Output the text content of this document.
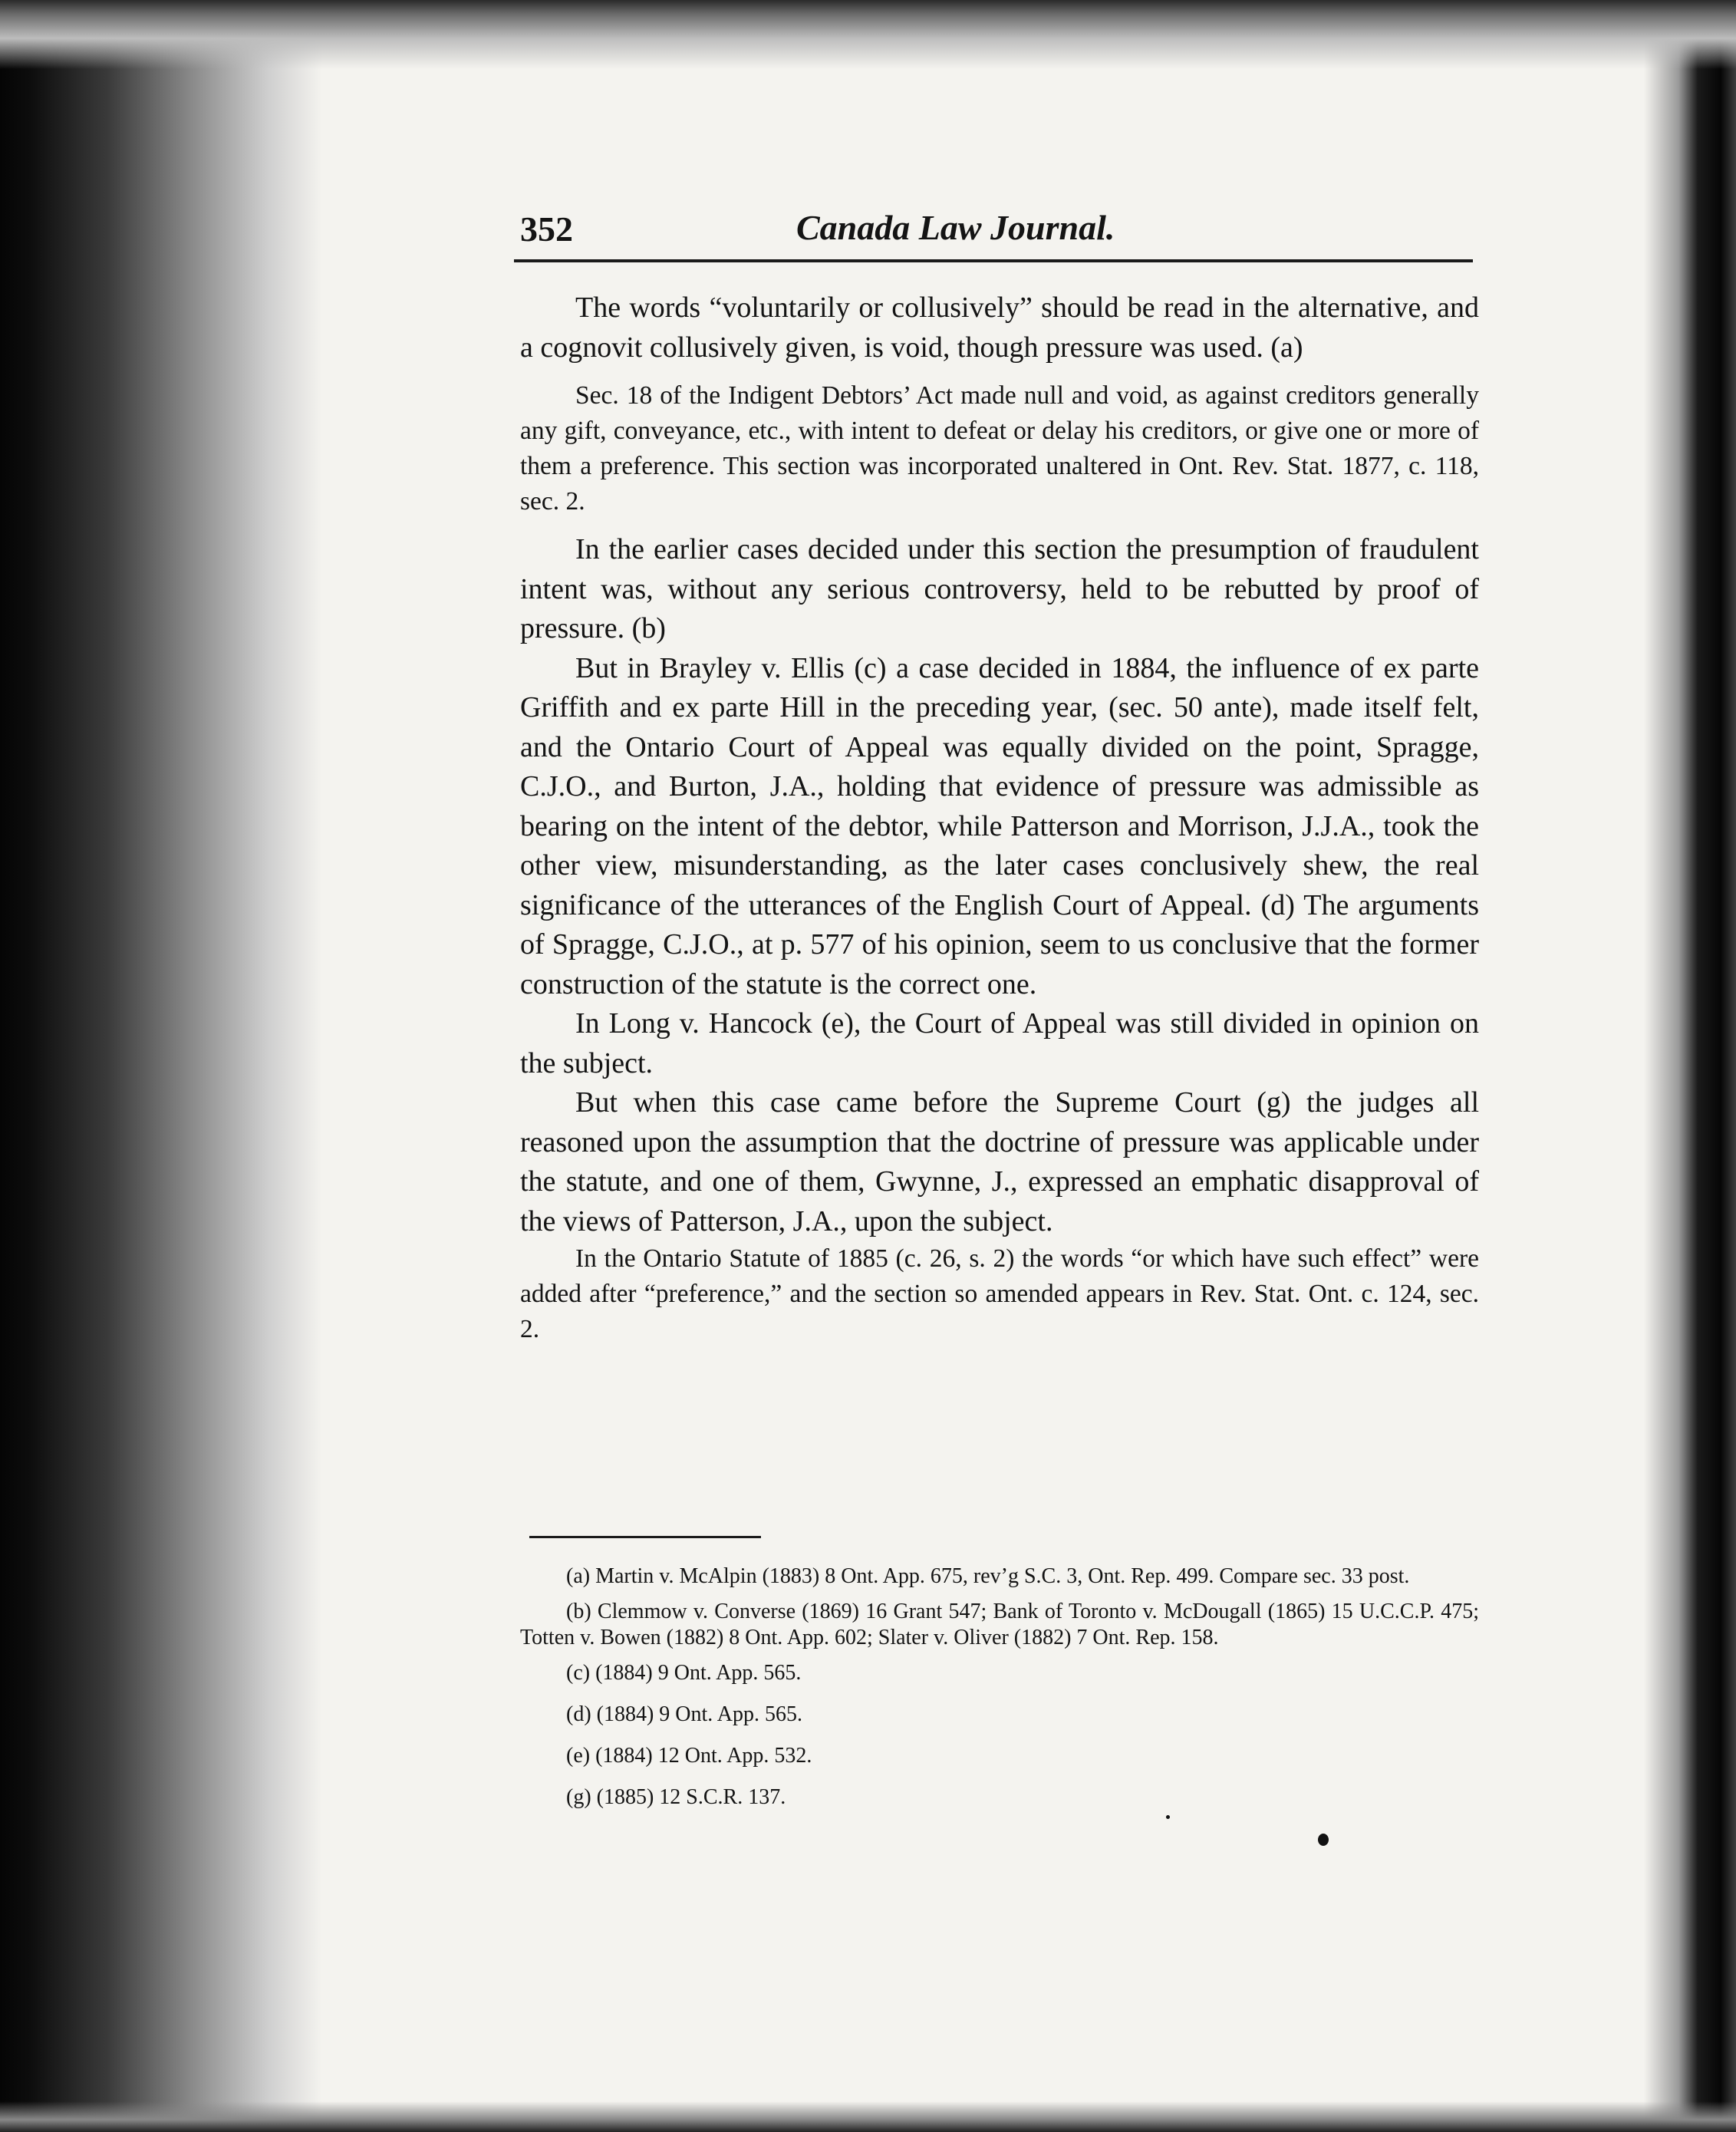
352	Canada Law Journal.

The words “voluntarily or collusively” should be read in the alternative, and a cognovit collusively given, is void, though pressure was used. (a)

Sec. 18 of the Indigent Debtors’ Act made null and void, as against creditors generally any gift, conveyance, etc., with intent to defeat or delay his creditors, or give one or more of them a preference. This section was incorporated unaltered in Ont. Rev. Stat. 1877, c. 118, sec. 2.

In the earlier cases decided under this section the presumption of fraudulent intent was, without any serious controversy, held to be rebutted by proof of pressure. (b)

But in Brayley v. Ellis (c) a case decided in 1884, the influence of ex parte Griffith and ex parte Hill in the preceding year, (sec. 50 ante), made itself felt, and the Ontario Court of Appeal was equally divided on the point, Spragge, C.J.O., and Burton, J.A., holding that evidence of pressure was admissible as bearing on the intent of the debtor, while Patterson and Morrison, J.J.A., took the other view, misunderstanding, as the later cases conclusively shew, the real significance of the utterances of the English Court of Appeal. (d) The arguments of Spragge, C.J.O., at p. 577 of his opinion, seem to us conclusive that the former construction of the statute is the correct one.

In Long v. Hancock (e), the Court of Appeal was still divided in opinion on the subject.

But when this case came before the Supreme Court (g) the judges all reasoned upon the assumption that the doctrine of pressure was applicable under the statute, and one of them, Gwynne, J., expressed an emphatic disapproval of the views of Patterson, J.A., upon the subject.

In the Ontario Statute of 1885 (c. 26, s. 2) the words “or which have such effect” were added after “preference,” and the section so amended appears in Rev. Stat. Ont. c. 124, sec. 2.

(a) Martin v. McAlpin (1883) 8 Ont. App. 675, rev’g S.C. 3, Ont. Rep. 499. Compare sec. 33 post.

(b) Clemmow v. Converse (1869) 16 Grant 547; Bank of Toronto v. McDougall (1865) 15 U.C.C.P. 475; Totten v. Bowen (1882) 8 Ont. App. 602; Slater v. Oliver (1882) 7 Ont. Rep. 158.

(c) (1884) 9 Ont. App. 565.

(d) (1884) 9 Ont. App. 565.

(e) (1884) 12 Ont. App. 532.

(g) (1885) 12 S.C.R. 137.
